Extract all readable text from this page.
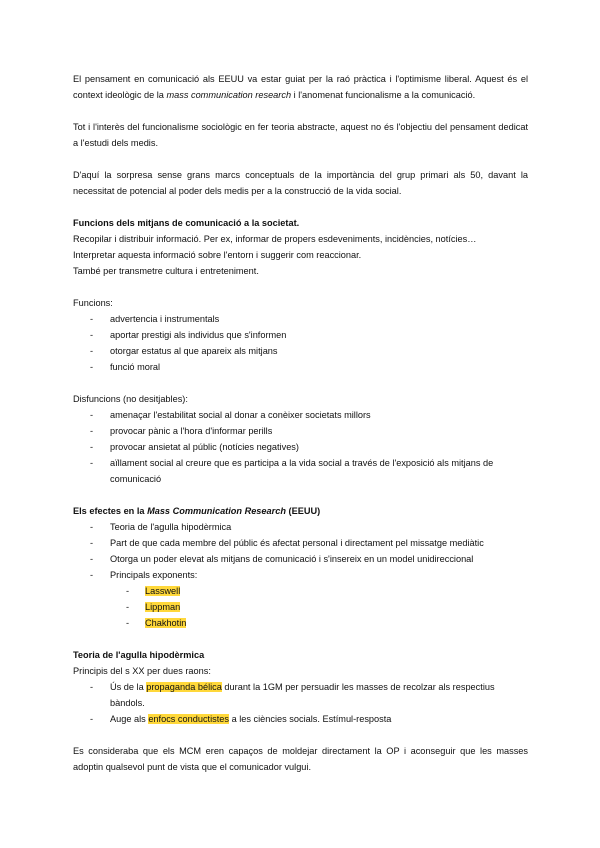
El pensament en comunicació als EEUU va estar guiat per la raó pràctica i l'optimisme liberal. Aquest és el context ideològic de la mass communication research i l'anomenat funcionalisme a la comunicació.

Tot i l'interès del funcionalisme sociològic en fer teoria abstracte, aquest no és l'objectiu del pensament dedicat a l'estudi dels medis.

D'aquí la sorpresa sense grans marcs conceptuals de la importància del grup primari als 50, davant la necessitat de potencial al poder dels medis per a la construcció de la vida social.

Funcions dels mitjans de comunicació a la societat.

Recopilar i distribuir informació. Per ex, informar de propers esdeveniments, incidències, notícies…

Interpretar aquesta informació sobre l'entorn i suggerir com reaccionar.

També per transmetre cultura i entreteniment.

Funcions:

- advertencia i instrumentals
- aportar prestigi als individus que s'informen
- otorgar estatus al que apareix als mitjans
- funció moral

Disfuncions (no desitjables):

- amenaçar l'estabilitat social al donar a conèixer societats millors
- provocar pànic a l'hora d'informar perills
- provocar ansietat al públic (notícies negatives)
- aïllament social al creure que es participa a la vida social a través de l'exposició als mitjans de comunicació

Els efectes en la Mass Communication Research (EEUU)

- Teoria de l'agulla hipodèrmica
- Part de que cada membre del públic és afectat personal i directament pel missatge mediàtic
- Otorga un poder elevat als mitjans de comunicació i s'insereix en un model unidireccional
- Principals exponents:
- Lasswell
- Lippman
- Chakhotin

Teoria de l'agulla hipodèrmica

Principis del s XX per dues raons:

- Ús de la propaganda bélica durant la 1GM per persuadir les masses de recolzar als respectius bàndols.
- Auge als enfocs conductistes a les ciències socials. Estímul-resposta

Es consideraba que els MCM eren capaços de moldejar directament la OP i aconseguir que les masses adoptin qualsevol punt de vista que el comunicador vulgui.
